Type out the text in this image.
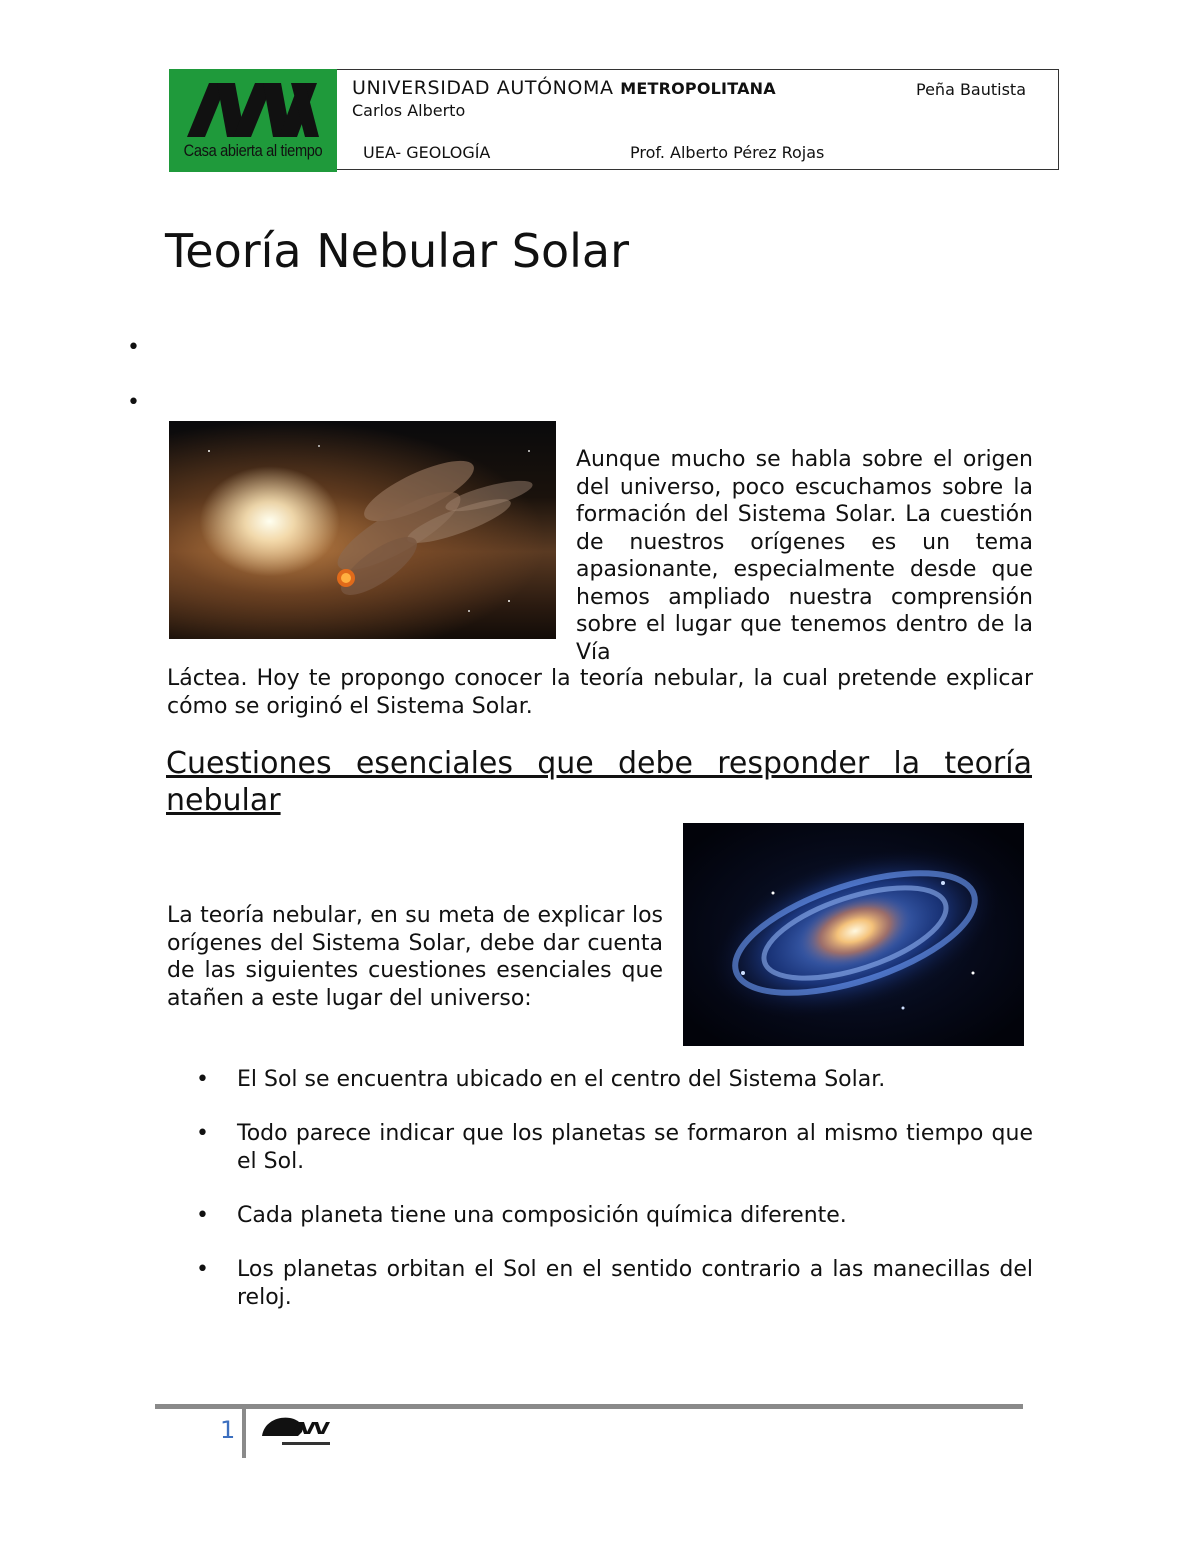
Casa abierta al tiempo
UNIVERSIDAD AUTÓNOMA METROPOLITANA	Peña Bautista
Carlos Alberto
UEA- GEOLOGÍA	Prof. Alberto Pérez Rojas
Teoría Nebular Solar
•
•
Aunque mucho se habla sobre el origen del universo, poco escuchamos sobre la formación del Sistema Solar. La cuestión de nuestros orígenes es un tema apasionante, especialmente desde que hemos ampliado nuestra comprensión sobre el lugar que tenemos dentro de la Vía
Láctea. Hoy te propongo conocer la teoría nebular, la cual pretende explicar cómo se originó el Sistema Solar.
Cuestiones esenciales que debe responder la teoría nebular
La teoría nebular, en su meta de explicar los orígenes del Sistema Solar, debe dar cuenta de las siguientes cuestiones esenciales que atañen a este lugar del universo:
• El Sol se encuentra ubicado en el centro del Sistema Solar.
• Todo parece indicar que los planetas se formaron al mismo tiempo que el Sol.
• Cada planeta tiene una composición química diferente.
• Los planetas orbitan el Sol en el sentido contrario a las manecillas del reloj.
1
